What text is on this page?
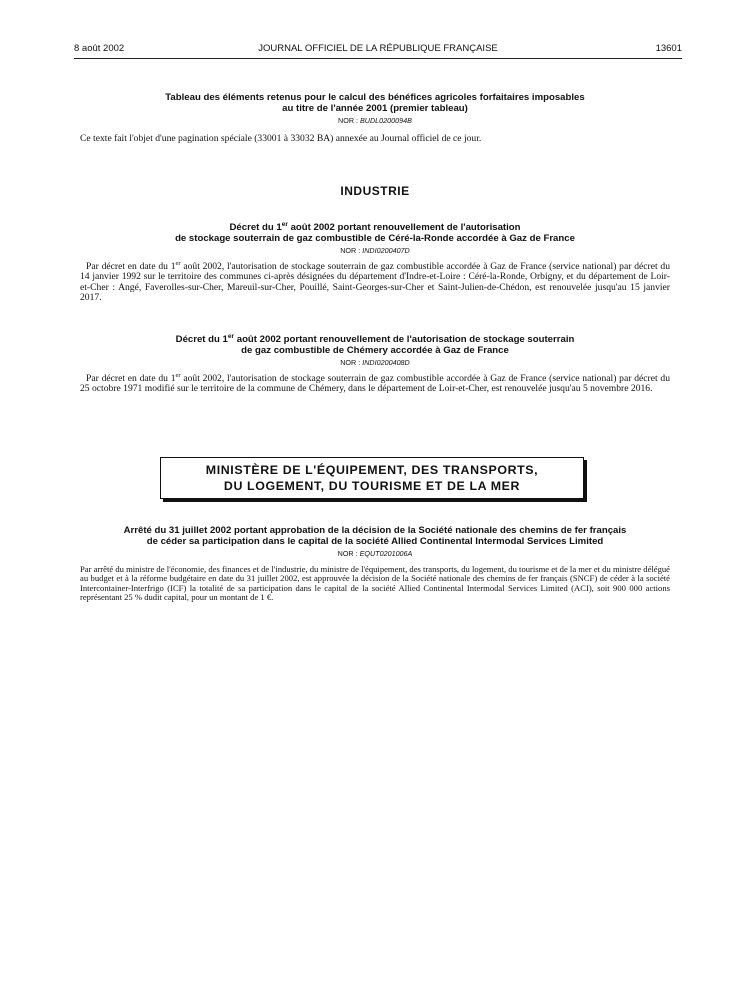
8 août 2002	JOURNAL OFFICIEL DE LA RÉPUBLIQUE FRANÇAISE	13601
Tableau des éléments retenus pour le calcul des bénéfices agricoles forfaitaires imposables
au titre de l'année 2001 (premier tableau)
NOR : BUDL0200094B
Ce texte fait l'objet d'une pagination spéciale (33001 à 33032 BA) annexée au Journal officiel de ce jour.
INDUSTRIE
Décret du 1er août 2002 portant renouvellement de l'autorisation
de stockage souterrain de gaz combustible de Céré-la-Ronde accordée à Gaz de France
NOR : INDI0200407D
Par décret en date du 1er août 2002, l'autorisation de stockage souterrain de gaz combustible accordée à Gaz de France (service national) par décret du 14 janvier 1992 sur le territoire des communes ci-après désignées du département d'Indre-et-Loire : Céré-la-Ronde, Orbigny, et du département de Loir-et-Cher : Angé, Faverolles-sur-Cher, Mareuil-sur-Cher, Pouillé, Saint-Georges-sur-Cher et Saint-Julien-de-Chédon, est renouvelée jusqu'au 15 janvier 2017.
Décret du 1er août 2002 portant renouvellement de l'autorisation de stockage souterrain
de gaz combustible de Chémery accordée à Gaz de France
NOR : INDI0200408D
Par décret en date du 1er août 2002, l'autorisation de stockage souterrain de gaz combustible accordée à Gaz de France (service national) par décret du 25 octobre 1971 modifié sur le territoire de la commune de Chémery, dans le département de Loir-et-Cher, est renouvelée jusqu'au 5 novembre 2016.
MINISTÈRE DE L'ÉQUIPEMENT, DES TRANSPORTS,
DU LOGEMENT, DU TOURISME ET DE LA MER
Arrêté du 31 juillet 2002 portant approbation de la décision de la Société nationale des chemins de fer français
de céder sa participation dans le capital de la société Allied Continental Intermodal Services Limited
NOR : EQUT0201006A
Par arrêté du ministre de l'économie, des finances et de l'industrie, du ministre de l'équipement, des transports, du logement, du tourisme et de la mer et du ministre délégué au budget et à la réforme budgétaire en date du 31 juillet 2002, est approuvée la décision de la Société nationale des chemins de fer français (SNCF) de céder à la société Intercontainer-Interfrigo (ICF) la totalité de sa participation dans le capital de la société Allied Continental Intermodal Services Limited (ACI), soit 900 000 actions représentant 25 % dudit capital, pour un montant de 1 €.
